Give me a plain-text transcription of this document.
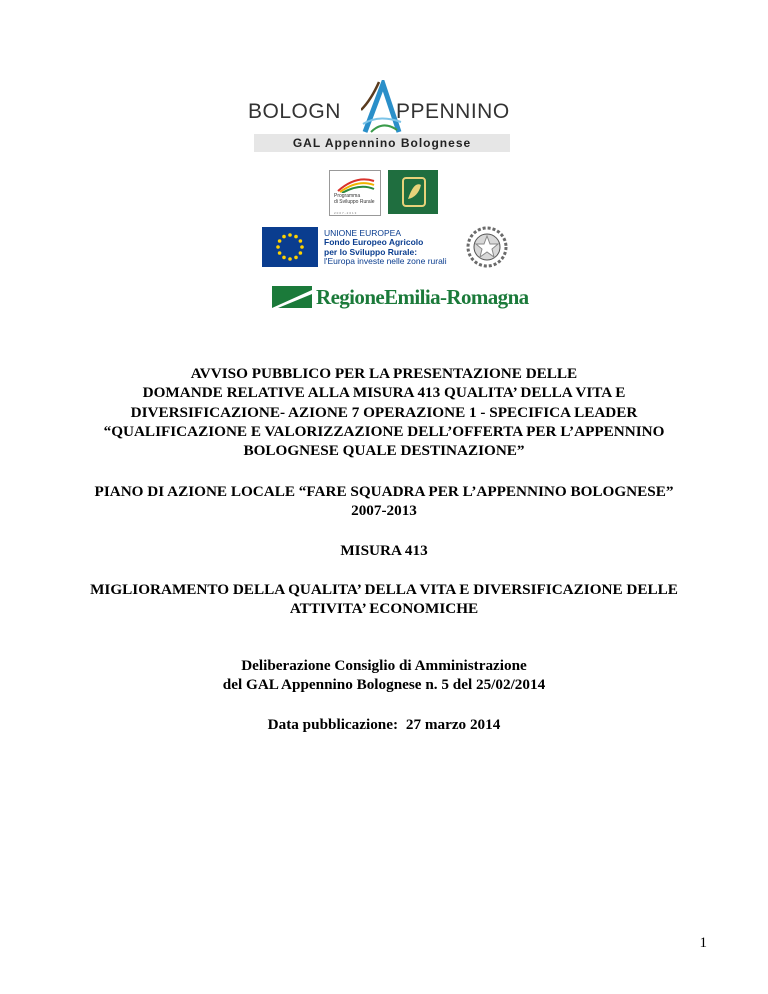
BOLOGN	PPENNINO
GAL Appennino Bolognese
Programma
di Sviluppo Rurale
2007-2013
UNIONE EUROPEA
Fondo Europeo Agricolo
per lo Sviluppo Rurale:
l'Europa investe nelle zone rurali
RegioneEmilia-Romagna
AVVISO PUBBLICO PER LA PRESENTAZIONE DELLE
DOMANDE RELATIVE ALLA MISURA 413 QUALITA’ DELLA VITA E
DIVERSIFICAZIONE- AZIONE 7 OPERAZIONE 1 - SPECIFICA LEADER
“QUALIFICAZIONE E VALORIZZAZIONE DELL’OFFERTA PER L’APPENNINO
BOLOGNESE QUALE DESTINAZIONE”
PIANO DI AZIONE LOCALE “FARE SQUADRA PER L’APPENNINO BOLOGNESE”
2007-2013
MISURA 413
MIGLIORAMENTO DELLA QUALITA’ DELLA VITA E DIVERSIFICAZIONE DELLE
ATTIVITA’ ECONOMICHE
Deliberazione Consiglio di Amministrazione
del GAL Appennino Bolognese n. 5 del 25/02/2014
Data pubblicazione: 27 marzo 2014
1
